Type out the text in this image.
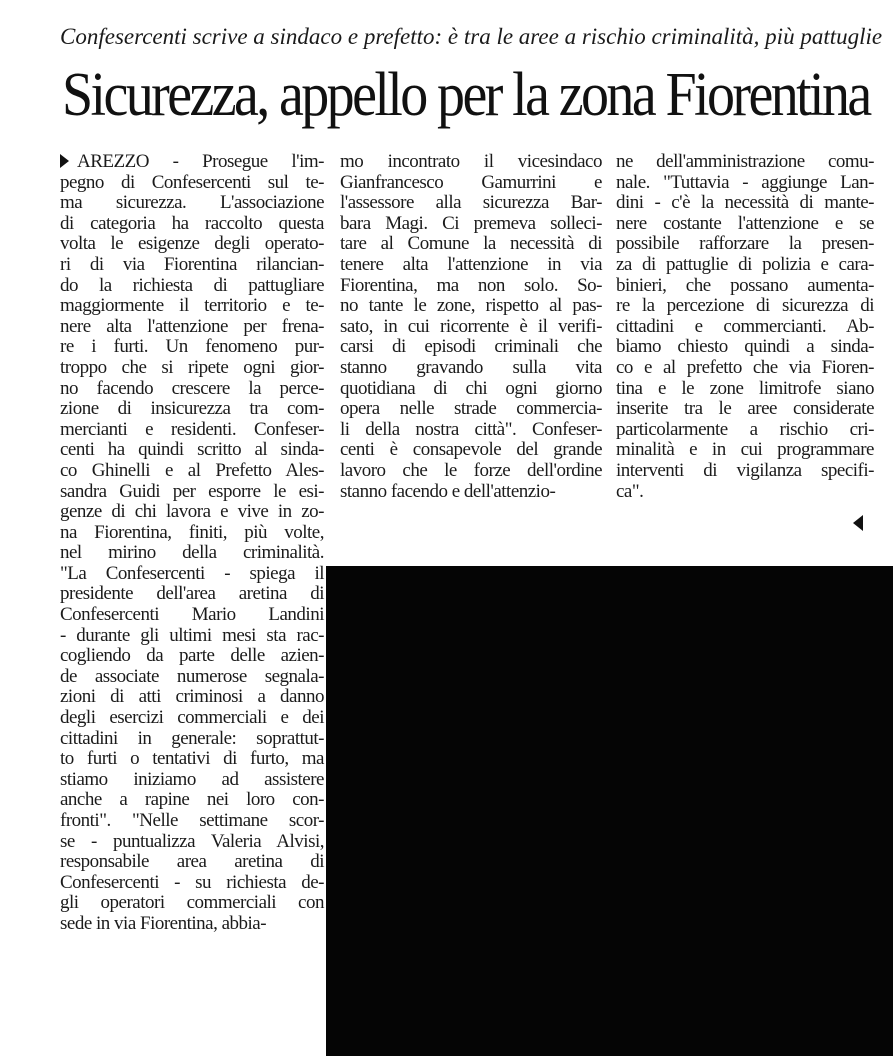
Confesercenti scrive a sindaco e prefetto: è tra le aree a rischio criminalità, più pattuglie
Sicurezza, appello per la zona Fiorentina
AREZZO - Prosegue l'im-
pegno di Confesercenti sul te-
ma sicurezza. L'associazione
di categoria ha raccolto questa
volta le esigenze degli operato-
ri di via Fiorentina rilancian-
do la richiesta di pattugliare
maggiormente il territorio e te-
nere alta l'attenzione per frena-
re i furti. Un fenomeno pur-
troppo che si ripete ogni gior-
no facendo crescere la perce-
zione di insicurezza tra com-
mercianti e residenti. Confeser-
centi ha quindi scritto al sinda-
co Ghinelli e al Prefetto Ales-
sandra Guidi per esporre le esi-
genze di chi lavora e vive in zo-
na Fiorentina, finiti, più volte,
nel mirino della criminalità.
"La Confesercenti - spiega il
presidente dell'area aretina di
Confesercenti Mario Landini
- durante gli ultimi mesi sta rac-
cogliendo da parte delle azien-
de associate numerose segnala-
zioni di atti criminosi a danno
degli esercizi commerciali e dei
cittadini in generale: soprattut-
to furti o tentativi di furto, ma
stiamo iniziamo ad assistere
anche a rapine nei loro con-
fronti". "Nelle settimane scor-
se - puntualizza Valeria Alvisi,
responsabile area aretina di
Confesercenti - su richiesta de-
gli operatori commerciali con
sede in via Fiorentina, abbia-
mo incontrato il vicesindaco
Gianfrancesco Gamurrini e
l'assessore alla sicurezza Bar-
bara Magi. Ci premeva solleci-
tare al Comune la necessità di
tenere alta l'attenzione in via
Fiorentina, ma non solo. So-
no tante le zone, rispetto al pas-
sato, in cui ricorrente è il verifi-
carsi di episodi criminali che
stanno gravando sulla vita
quotidiana di chi ogni giorno
opera nelle strade commercia-
li della nostra città". Confeser-
centi è consapevole del grande
lavoro che le forze dell'ordine
stanno facendo e dell'attenzio-
ne dell'amministrazione comu-
nale. "Tuttavia - aggiunge Lan-
dini - c'è la necessità di mante-
nere costante l'attenzione e se
possibile rafforzare la presen-
za di pattuglie di polizia e cara-
binieri, che possano aumenta-
re la percezione di sicurezza di
cittadini e commercianti. Ab-
biamo chiesto quindi a sinda-
co e al prefetto che via Fioren-
tina e le zone limitrofe siano
inserite tra le aree considerate
particolarmente a rischio cri-
minalità e in cui programmare
interventi di vigilanza specifi-
ca".
